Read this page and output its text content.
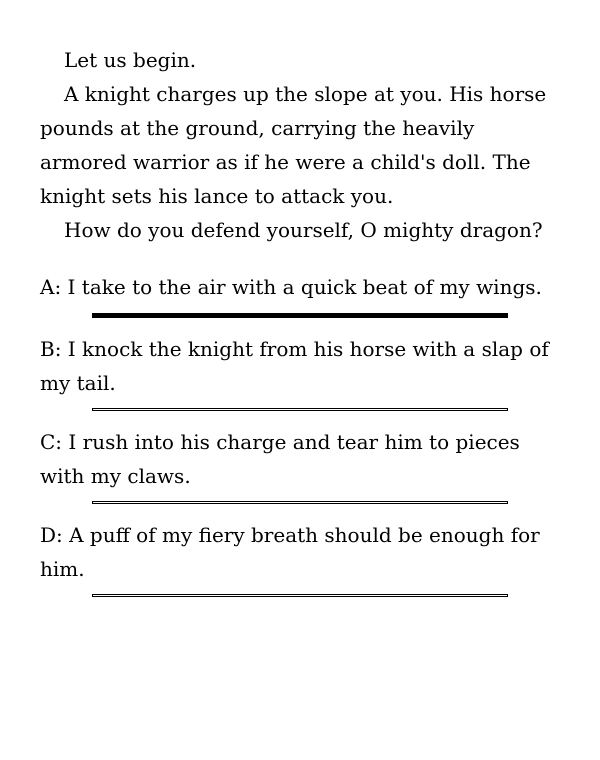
Let us begin.

A knight charges up the slope at you. His horse pounds at the ground, carrying the heavily armored warrior as if he were a child's doll. The knight sets his lance to attack you.

How do you defend yourself, O mighty dragon?

A: I take to the air with a quick beat of my wings.
B: I knock the knight from his horse with a slap of my tail.
C: I rush into his charge and tear him to pieces with my claws.
D: A puff of my fiery breath should be enough for him.
